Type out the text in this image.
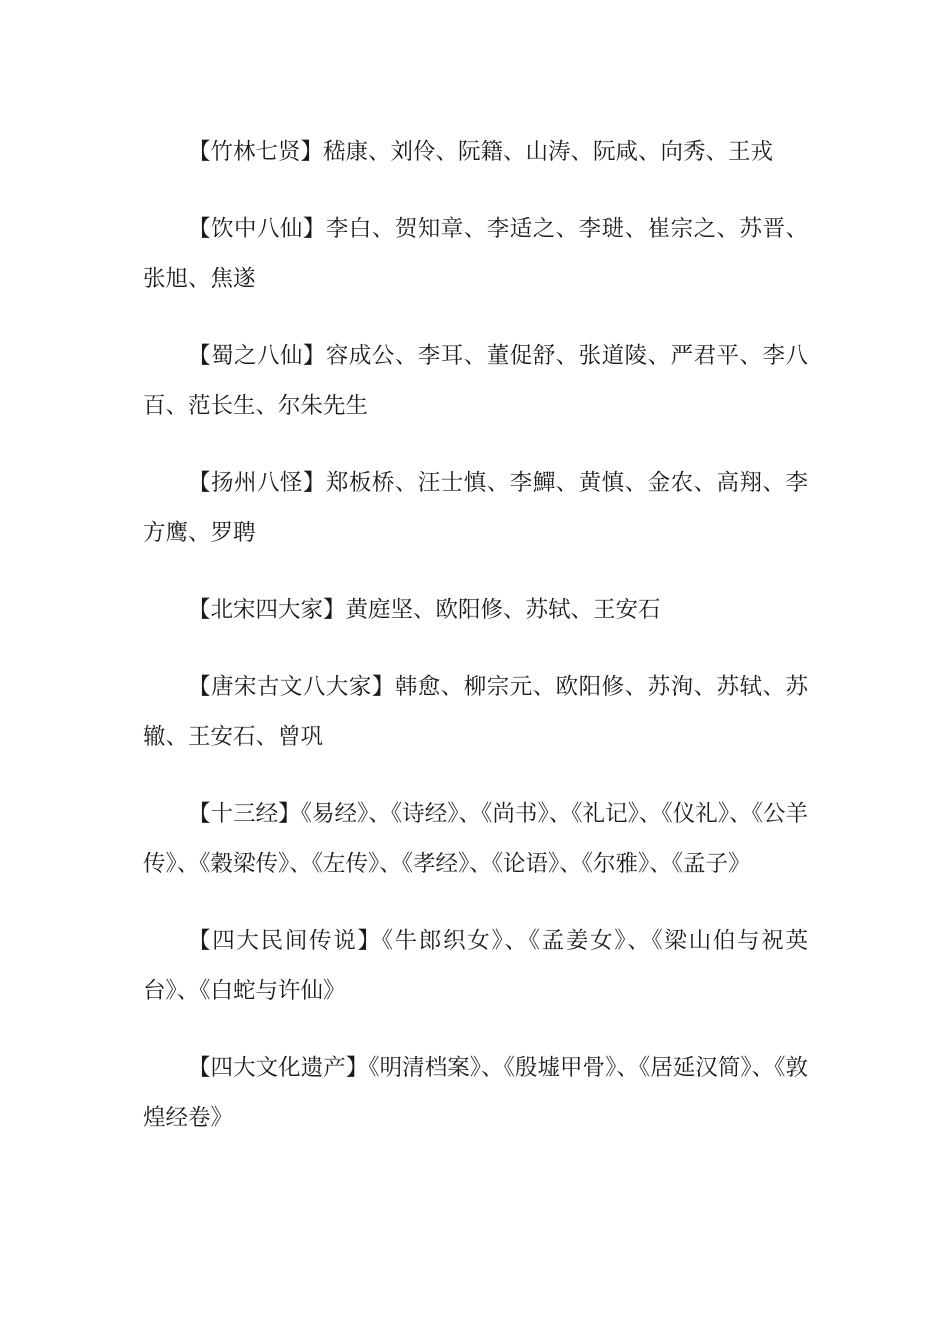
【竹林七贤】嵇康、刘伶、阮籍、山涛、阮咸、向秀、王戎

【饮中八仙】李白、贺知章、李适之、李琎、崔宗之、苏晋、张旭、焦遂

【蜀之八仙】容成公、李耳、董促舒、张道陵、严君平、李八百、范长生、尔朱先生

【扬州八怪】郑板桥、汪士慎、李鱓、黄慎、金农、高翔、李方鹰、罗聘

【北宋四大家】黄庭坚、欧阳修、苏轼、王安石

【唐宋古文八大家】韩愈、柳宗元、欧阳修、苏洵、苏轼、苏辙、王安石、曾巩

【十三经】《易经》、《诗经》、《尚书》、《礼记》、《仪礼》、《公羊传》、《穀梁传》、《左传》、《孝经》、《论语》、《尔雅》、《孟子》

【四大民间传说】《牛郎织女》、《孟姜女》、《梁山伯与祝英台》、《白蛇与许仙》

【四大文化遗产】《明清档案》、《殷墟甲骨》、《居延汉简》、《敦煌经卷》
